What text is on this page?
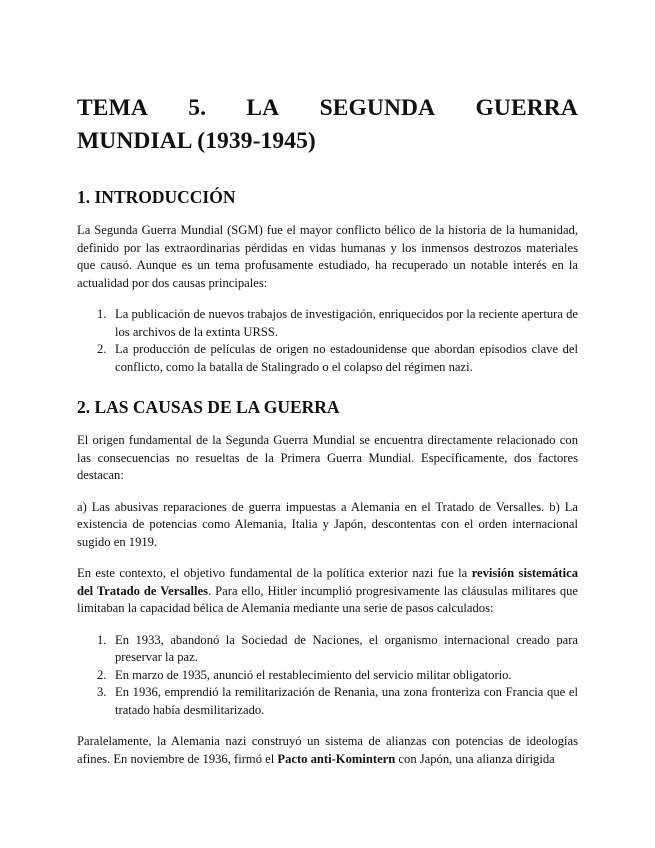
TEMA 5. LA SEGUNDA GUERRA
MUNDIAL (1939-1945)
1. INTRODUCCIÓN

La Segunda Guerra Mundial (SGM) fue el mayor conflicto bélico de la historia de la humanidad, definido por las extraordinarias pérdidas en vidas humanas y los inmensos destrozos materiales que causó. Aunque es un tema profusamente estudiado, ha recuperado un notable interés en la actualidad por dos causas principales:

1. La publicación de nuevos trabajos de investigación, enriquecidos por la reciente apertura de los archivos de la extinta URSS.
2. La producción de películas de origen no estadounidense que abordan episodios clave del conflicto, como la batalla de Stalingrado o el colapso del régimen nazi.
2. LAS CAUSAS DE LA GUERRA

El origen fundamental de la Segunda Guerra Mundial se encuentra directamente relacionado con las consecuencias no resueltas de la Primera Guerra Mundial. Específicamente, dos factores destacan:

a) Las abusivas reparaciones de guerra impuestas a Alemania en el Tratado de Versalles. b) La existencia de potencias como Alemania, Italia y Japón, descontentas con el orden internacional sugido en 1919.

En este contexto, el objetivo fundamental de la política exterior nazi fue la revisión sistemática del Tratado de Versalles. Para ello, Hitler incumplió progresivamente las cláusulas militares que limitaban la capacidad bélica de Alemania mediante una serie de pasos calculados:

1. En 1933, abandonó la Sociedad de Naciones, el organismo internacional creado para preservar la paz.
2. En marzo de 1935, anunció el restablecimiento del servicio militar obligatorio.
3. En 1936, emprendió la remilitarización de Renania, una zona fronteriza con Francia que el tratado había desmilitarizado.

Paralelamente, la Alemania nazi construyó un sistema de alianzas con potencias de ideologías afines. En noviembre de 1936, firmó el Pacto anti-Komintern con Japón, una alianza dirigida
